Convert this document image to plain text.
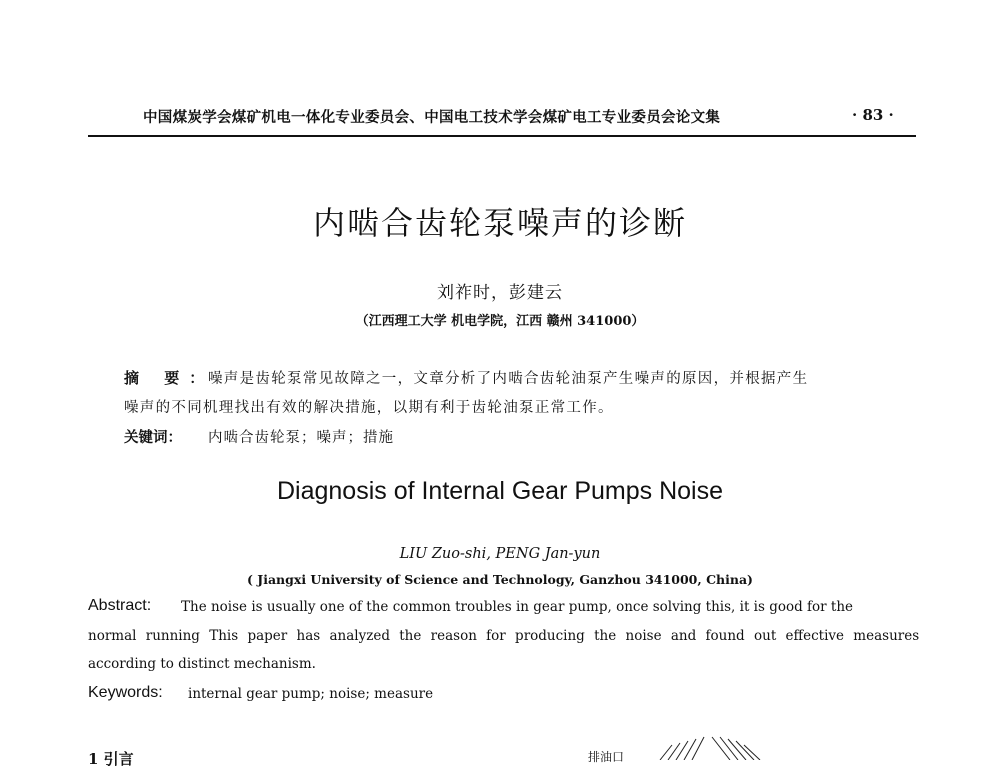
中国煤炭学会煤矿机电一体化专业委员会、中国电工技术学会煤矿电工专业委员会论文集	· 83 ·
内啮合齿轮泵噪声的诊断
刘祚时，彭建云
（江西理工大学 机电学院，江西 赣州 341000）
摘 要：
噪声是齿轮泵常见故障之一，文章分析了内啮合齿轮油泵产生噪声的原因，并根据产生
噪声的不同机理找出有效的解决措施，以期有利于齿轮油泵正常工作。
关键词： 内啮合齿轮泵；噪声；措施
Diagnosis of Internal Gear Pumps Noise
LIU Zuo-shi, PENG Jan-yun
( Jiangxi University of Science and Technology, Ganzhou 341000, China)
Abstract: The noise is usually one of the common troubles in gear pump, once solving this, it is good for the
normal running This paper has analyzed the reason for producing the noise and found out effective measures
according to distinct mechanism.
Keywords: internal gear pump; noise; measure
1 引言	排油口
